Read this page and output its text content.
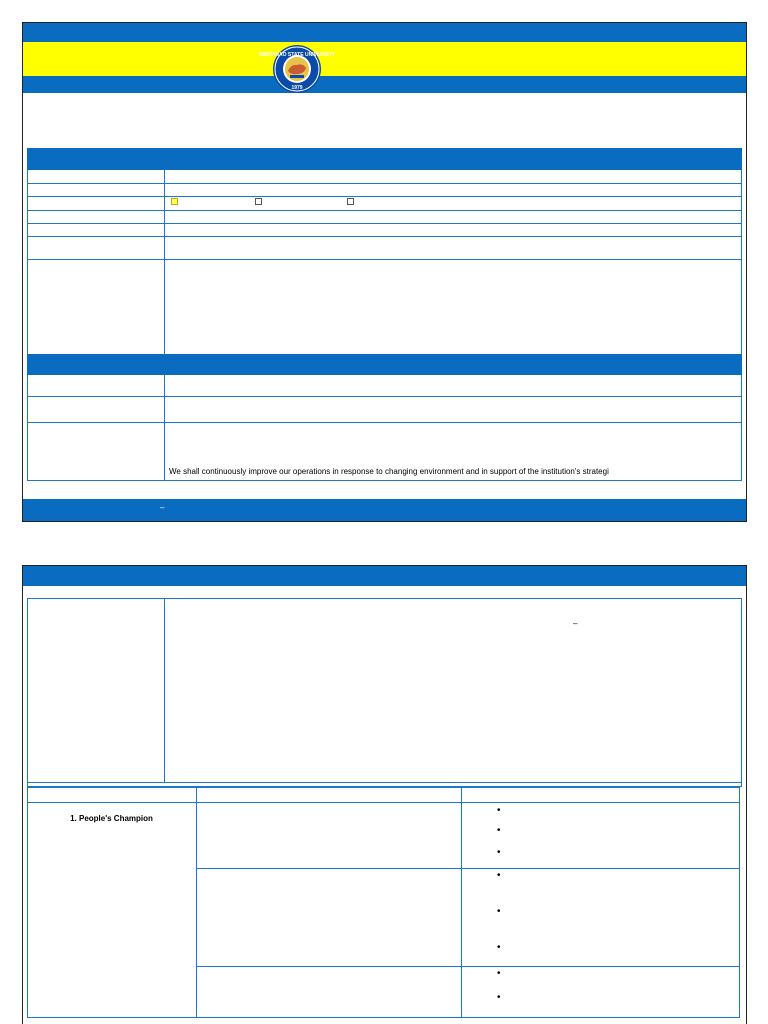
MINDANAO STATE UNIVERSITY
1979
We shall continuously improve our operations in response to changing environment and in support of the institution's strategi
–
–
1. People's Champion
•
•
•
•
•
•
•
•
